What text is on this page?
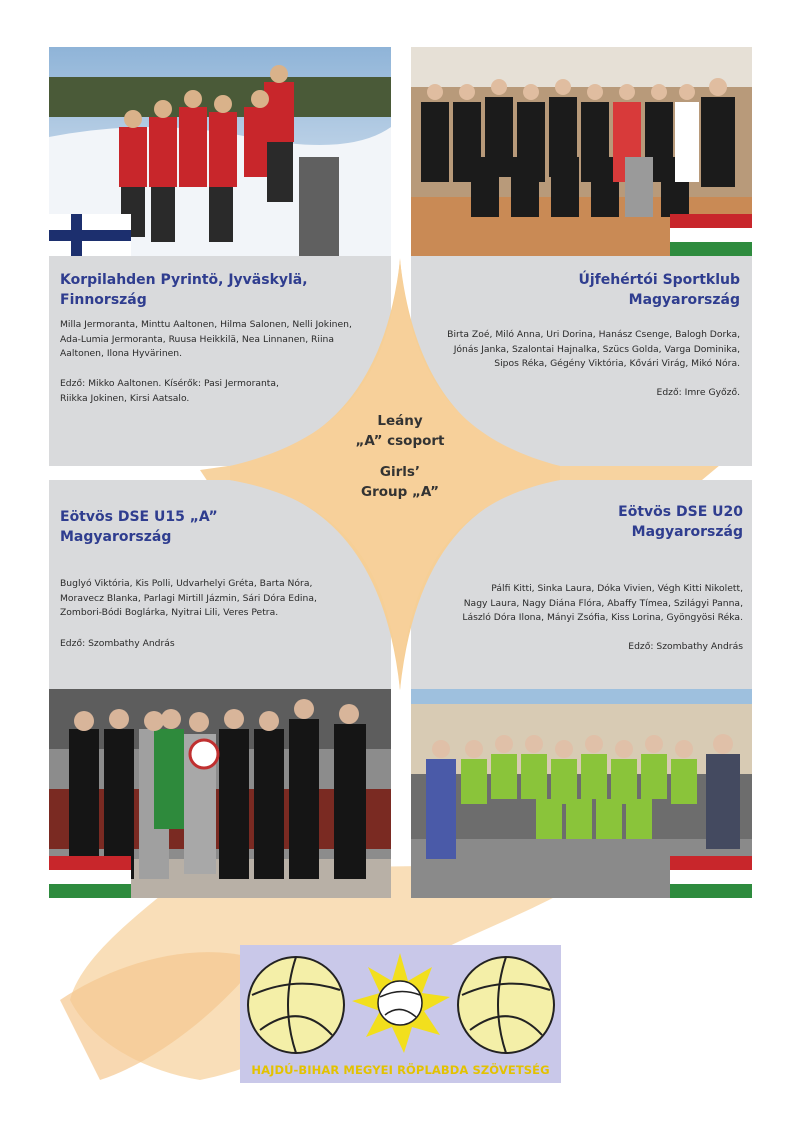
Korpilahden Pyrintö, Jyväskylä,
Finnország
Milla Jermoranta, Minttu Aaltonen, Hilma Salonen, Nelli Jokinen,
Ada-Lumia Jermoranta, Ruusa Heikkilä, Nea Linnanen, Riina
Aaltonen, Ilona Hyvärinen.
Edző: Mikko Aaltonen. Kísérők: Pasi Jermoranta,
Riikka Jokinen, Kirsi Aatsalo.
Újfehértói Sportklub
Magyarország
Birta Zoé, Miló Anna, Uri Dorina, Hanász Csenge, Balogh Dorka,
Jónás Janka, Szalontai Hajnalka, Szücs Golda, Varga Dominika,
Sipos Réka, Gégény Viktória, Kővári Virág, Mikó Nóra.
Edző: Imre Győző.
Eötvös DSE U15 „A”
Magyarország
Buglyó Viktória, Kis Polli, Udvarhelyi Gréta, Barta Nóra,
Moravecz Blanka, Parlagi Mirtill Jázmin, Sári Dóra Edina,
Zombori-Bódi Boglárka, Nyitrai Lili, Veres Petra.
Edző: Szombathy András
Eötvös DSE U20
Magyarország
Pálfi Kitti, Sinka Laura, Dóka Vivien, Végh Kitti Nikolett,
Nagy Laura, Nagy Diána Flóra, Abaffy Tímea, Szilágyi Panna,
László Dóra Ilona, Mányi Zsófia, Kiss Lorina, Gyöngyösi Réka.
Edző: Szombathy András
Leány
„A” csoport
Girls’
Group „A”
HAJDÚ-BIHAR MEGYEI RÖPLABDA SZÖVETSÉG
